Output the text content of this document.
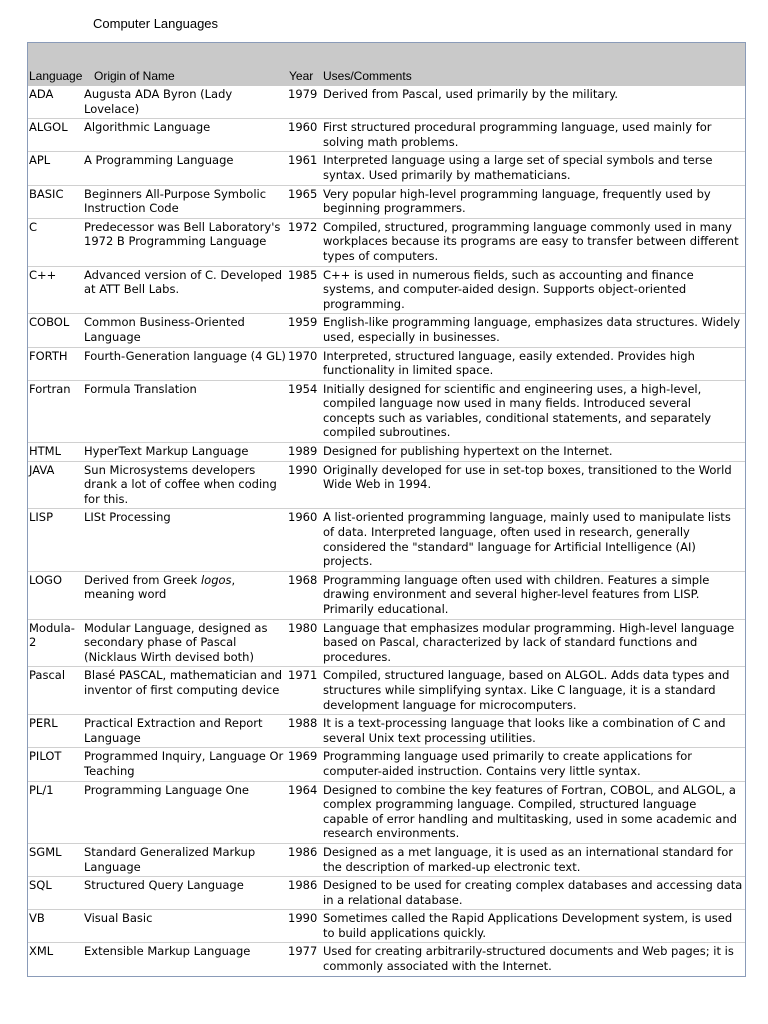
Computer Languages
Language	Origin of Name	Year	Uses/Comments
ADA	Augusta ADA Byron (Lady Lovelace)	1979	Derived from Pascal, used primarily by the military.
ALGOL	Algorithmic Language	1960	First structured procedural programming language, used mainly for solving math problems.
APL	A Programming Language	1961	Interpreted language using a large set of special symbols and terse syntax. Used primarily by mathematicians.
BASIC	Beginners All-Purpose Symbolic Instruction Code	1965	Very popular high-level programming language, frequently used by beginning programmers.
C	Predecessor was Bell Laboratory's 1972 B Programming Language	1972	Compiled, structured, programming language commonly used in many workplaces because its programs are easy to transfer between different types of computers.
C++	Advanced version of C. Developed at ATT Bell Labs.	1985	C++ is used in numerous fields, such as accounting and finance systems, and computer-aided design. Supports object-oriented programming.
COBOL	Common Business-Oriented Language	1959	English-like programming language, emphasizes data structures. Widely used, especially in businesses.
FORTH	Fourth-Generation language (4 GL)	1970	Interpreted, structured language, easily extended. Provides high functionality in limited space.
Fortran	Formula Translation	1954	Initially designed for scientific and engineering uses, a high-level, compiled language now used in many fields. Introduced several concepts such as variables, conditional statements, and separately compiled subroutines.
HTML	HyperText Markup Language	1989	Designed for publishing hypertext on the Internet.
JAVA	Sun Microsystems developers drank a lot of coffee when coding for this.	1990	Originally developed for use in set-top boxes, transitioned to the World Wide Web in 1994.
LISP	LISt Processing	1960	A list-oriented programming language, mainly used to manipulate lists of data. Interpreted language, often used in research, generally considered the "standard" language for Artificial Intelligence (AI) projects.
LOGO	Derived from Greek logos, meaning word	1968	Programming language often used with children. Features a simple drawing environment and several higher-level features from LISP. Primarily educational.
Modula-2	Modular Language, designed as secondary phase of Pascal (Nicklaus Wirth devised both)	1980	Language that emphasizes modular programming. High-level language based on Pascal, characterized by lack of standard functions and procedures.
Pascal	Blasé PASCAL, mathematician and inventor of first computing device	1971	Compiled, structured language, based on ALGOL. Adds data types and structures while simplifying syntax. Like C language, it is a standard development language for microcomputers.
PERL	Practical Extraction and Report Language	1988	It is a text-processing language that looks like a combination of C and several Unix text processing utilities.
PILOT	Programmed Inquiry, Language Or Teaching	1969	Programming language used primarily to create applications for computer-aided instruction. Contains very little syntax.
PL/1	Programming Language One	1964	Designed to combine the key features of Fortran, COBOL, and ALGOL, a complex programming language. Compiled, structured language capable of error handling and multitasking, used in some academic and research environments.
SGML	Standard Generalized Markup Language	1986	Designed as a met language, it is used as an international standard for the description of marked-up electronic text.
SQL	Structured Query Language	1986	Designed to be used for creating complex databases and accessing data in a relational database.
VB	Visual Basic	1990	Sometimes called the Rapid Applications Development system, is used to build applications quickly.
XML	Extensible Markup Language	1977	Used for creating arbitrarily-structured documents and Web pages; it is commonly associated with the Internet.
